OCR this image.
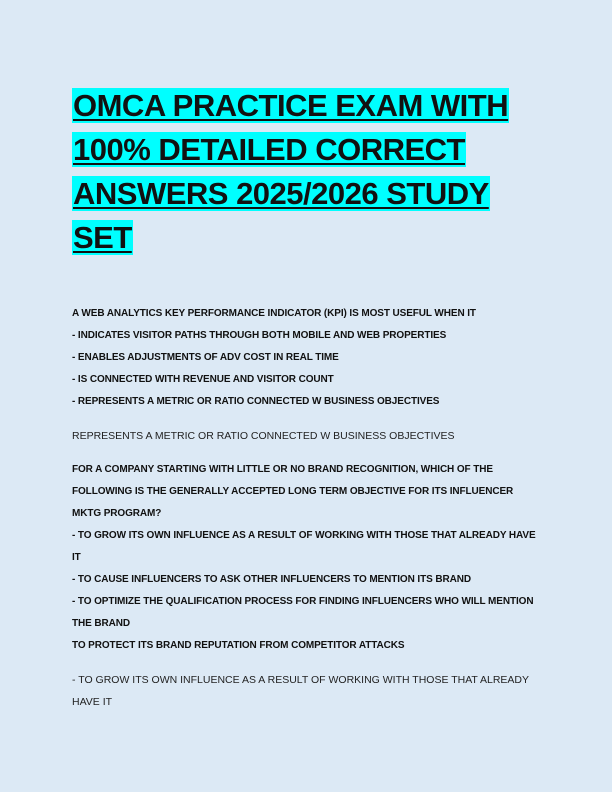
OMCA PRACTICE EXAM WITH 100% DETAILED CORRECT ANSWERS 2025/2026 STUDY SET
A WEB ANALYTICS KEY PERFORMANCE INDICATOR (KPI) IS MOST USEFUL WHEN IT
- INDICATES VISITOR PATHS THROUGH BOTH MOBILE AND WEB PROPERTIES
- ENABLES ADJUSTMENTS OF ADV COST IN REAL TIME
- IS CONNECTED WITH REVENUE AND VISITOR COUNT
- REPRESENTS A METRIC OR RATIO CONNECTED W BUSINESS OBJECTIVES
REPRESENTS A METRIC OR RATIO CONNECTED W BUSINESS OBJECTIVES
FOR A COMPANY STARTING WITH LITTLE OR NO BRAND RECOGNITION, WHICH OF THE FOLLOWING IS THE GENERALLY ACCEPTED LONG TERM OBJECTIVE FOR ITS INFLUENCER MKTG PROGRAM?
- TO GROW ITS OWN INFLUENCE AS A RESULT OF WORKING WITH THOSE THAT ALREADY HAVE IT
- TO CAUSE INFLUENCERS TO ASK OTHER INFLUENCERS TO MENTION ITS BRAND
- TO OPTIMIZE THE QUALIFICATION PROCESS FOR FINDING INFLUENCERS WHO WILL MENTION THE BRAND
TO PROTECT ITS BRAND REPUTATION FROM COMPETITOR ATTACKS
- TO GROW ITS OWN INFLUENCE AS A RESULT OF WORKING WITH THOSE THAT ALREADY HAVE IT
